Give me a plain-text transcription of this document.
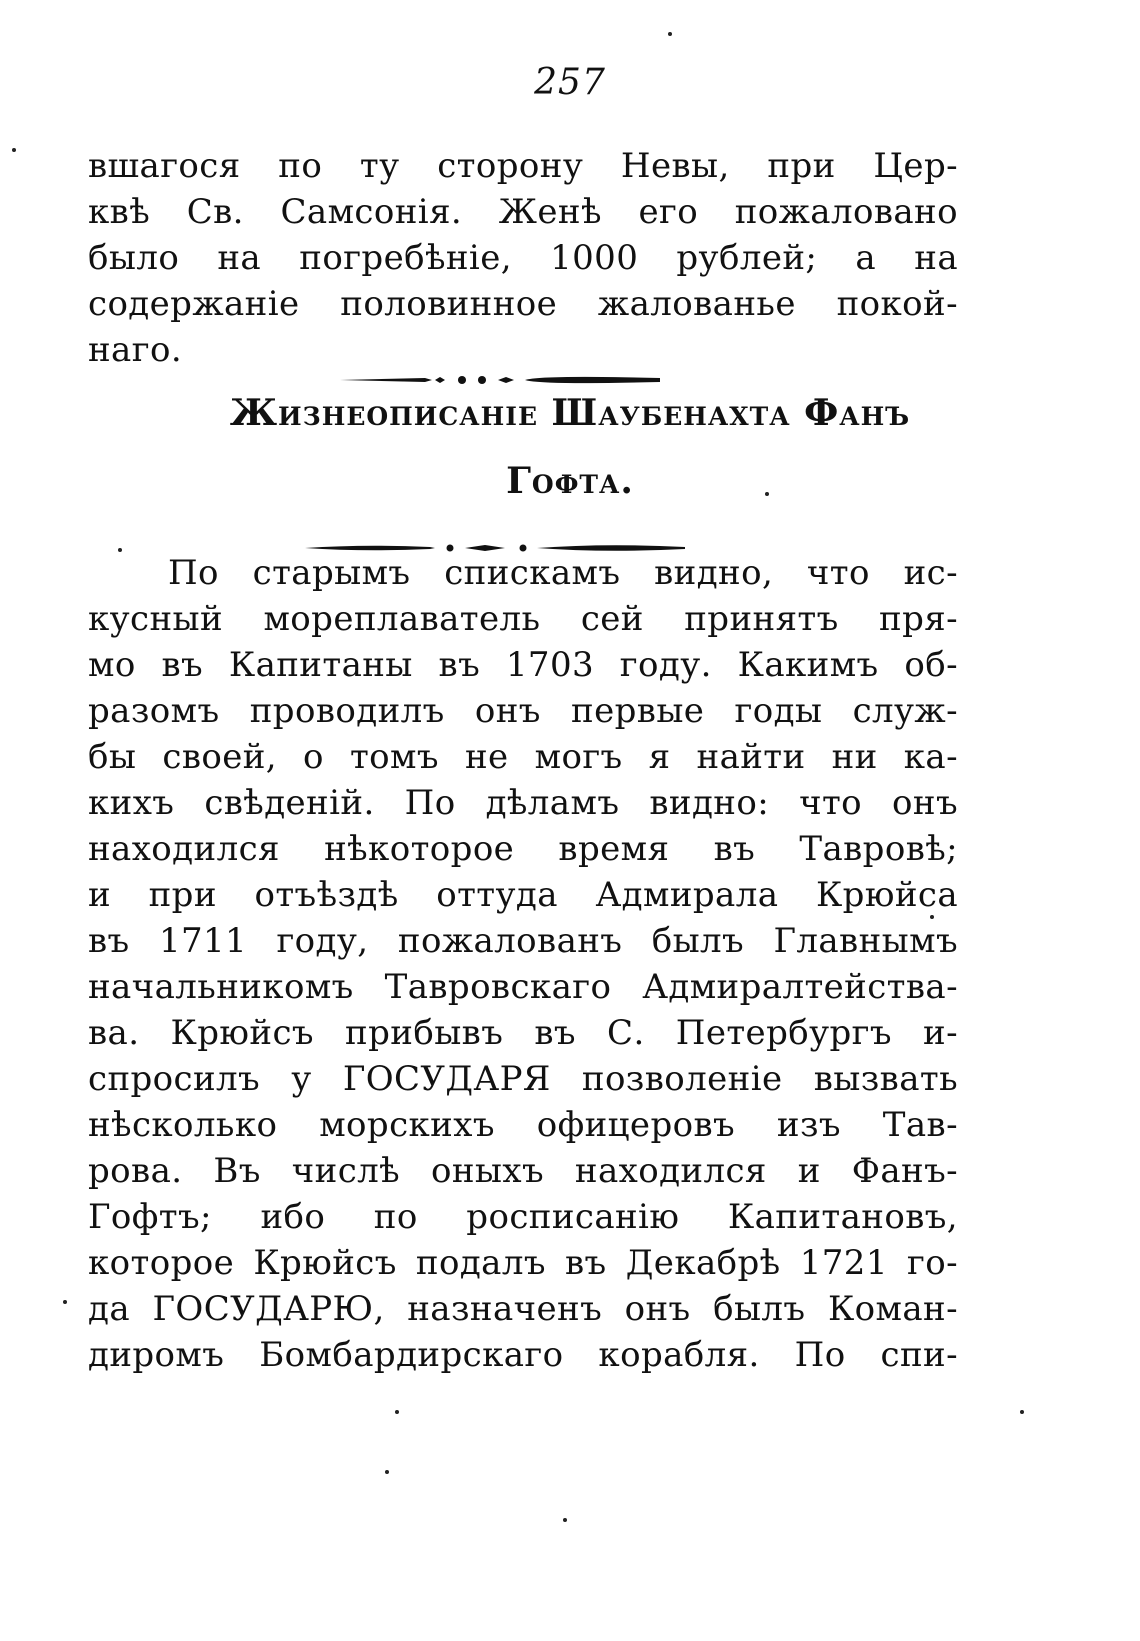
257
вшагося по ту сторону Невы, при Цер-
квѣ Св. Самсонія. Женѣ его пожаловано
было на погребѣніе, 1000 рублей; а на
содержаніе половинное жалованье покой-
наго.
Жизнеописаніе Шаубенахта Фанъ
Гофта.
По старымъ спискамъ видно, что ис-
кусный мореплаватель сей принятъ пря-
мо въ Капитаны въ 1703 году. Какимъ об-
разомъ проводилъ онъ первые годы служ-
бы своей, о томъ не могъ я найти ни ка-
кихъ свѣденій. По дѣламъ видно: что онъ
находился нѣкоторое время въ Тавровѣ;
и при отъѣздѣ оттуда Адмирала Крюйса
въ 1711 году, пожалованъ былъ Главнымъ
начальникомъ Тавровскаго Адмиралтейства-
ва. Крюйсъ прибывъ въ С. Петербургъ и-
спросилъ у ГОСУДАРЯ позволеніе вызвать
нѣсколько морскихъ офицеровъ изъ Тав-
рова. Въ числѣ оныхъ находился и Фанъ-
Гофтъ; ибо по росписанію Капитановъ,
которое Крюйсъ подалъ въ Декабрѣ 1721 го-
да ГОСУДАРЮ, назначенъ онъ былъ Коман-
диромъ Бомбардирскаго корабля. По спи-
